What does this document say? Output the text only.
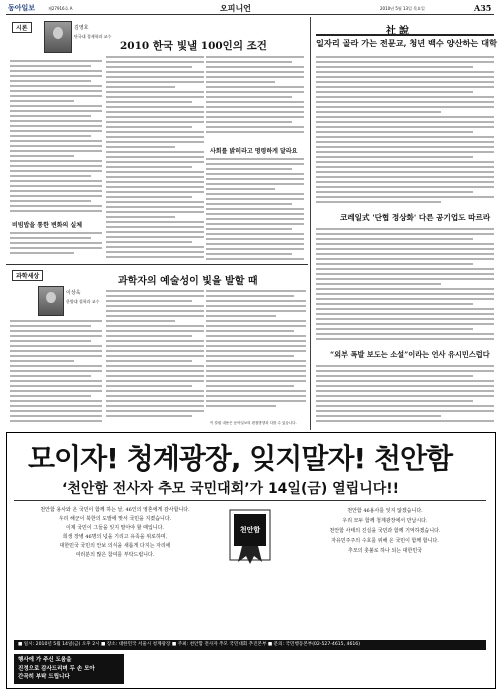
동아일보	제27916호 A	오피니언	2010년 5월 13일 목요일	A35
시론	김영호
단국대 경제학과 교수
비빔밥을 통한 변화의 실체
2010 한국 빛낼 100인의 조건
사회를 밝히라고 명령하게 달라요
社說
일자리 골라 가는 전문교, 청년 백수 양산하는 대학
코레일式 '단협 정상화' 다른 공기업도 따르라
“외부 폭발 보도는 소설”이라는 언사 유시민스럽다
과학세상
이상욱
한양대 철학과 교수
과학자의 예술성이 빛을 발할 때
이 칼럼 내용은 동아일보의 편집방향과 다를 수 있습니다.
모이자! 청계광장, 잊지말자! 천안함
‘천안함 전사자 추모 국민대회’가 14일(금) 열립니다!!
천안함 용사와 온 국민이 함께 하는 날, 46인의 영혼에게 감사합니다.
우리 해군이 북한의 도발에 맞서 국민을 지켰습니다.
이제 국민이 그들을 잊지 말아야 할 때입니다.
희생 장병 46명의 넋을 기리고 유족을 위로하며,
대한민국 국민의 안보 의식을 새롭게 다지는 자리에
여러분의 많은 참여를 부탁드립니다.
천안함
천안함 46용사를 잊지 않겠습니다.
우리 모두 함께 청계광장에서 만납시다.
천안함 사태의 진실을 국민과 함께 기억하겠습니다.
자유민주주의 수호를 위해 온 국민이 함께 합니다.
추모의 촛불로 하나 되는 대한민국
■ 일시: 2010년 5월 14일(금) 오후 2시 ■ 장소: 대한민국 서울시 청계광장 ■ 주최: 천안함 전사자 추모 국민대회 추진본부 ■ 문의: 국민행동본부(02-527-4615, 4616)
행사에 가 주신 도움을
진정으로 감사드리며 두 손 모아
간곡히 부탁 드립니다
